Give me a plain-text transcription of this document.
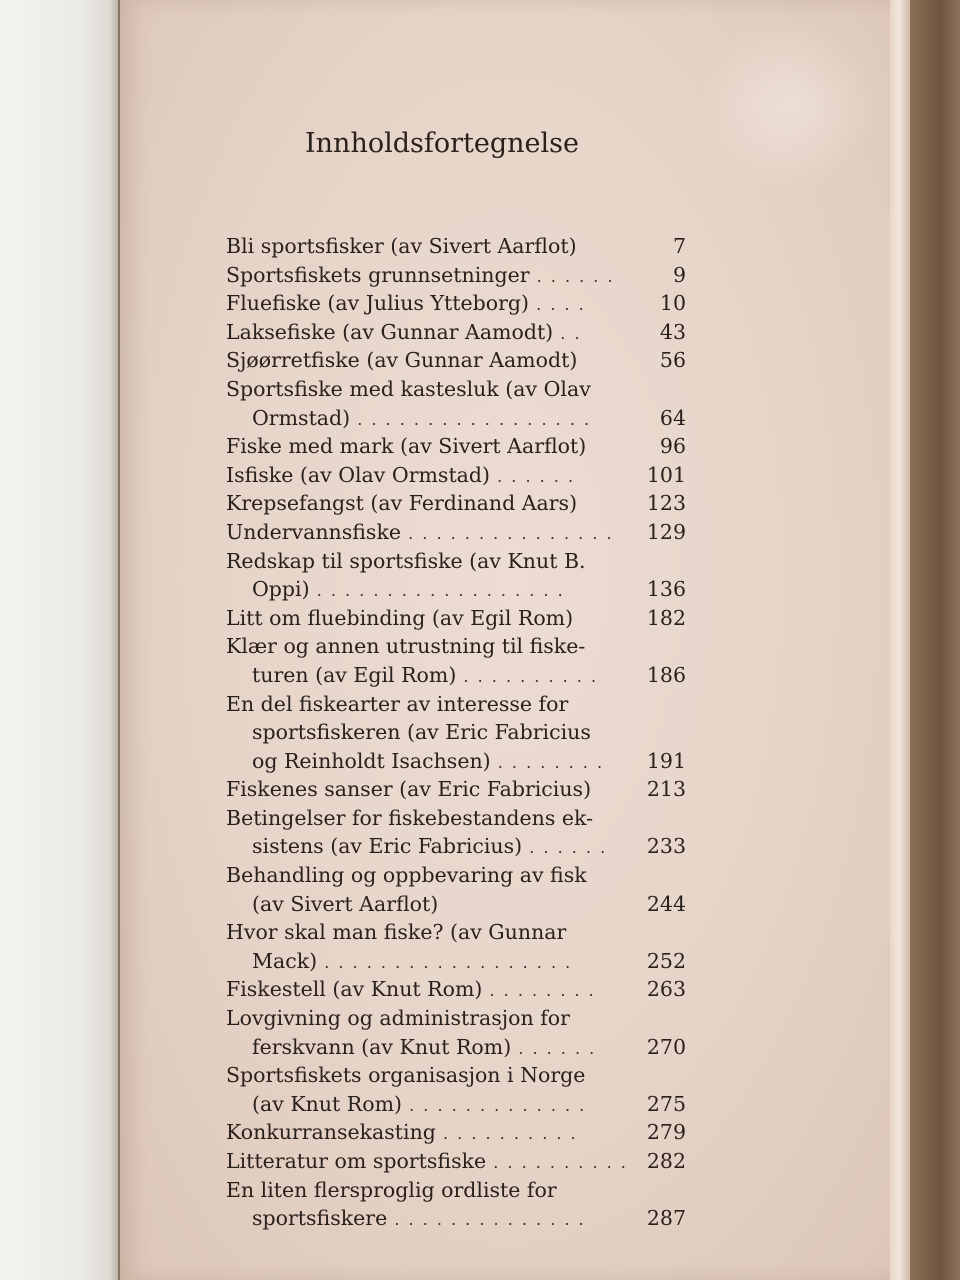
Innholdsfortegnelse
Bli sportsfisker (av Sivert Aarflot)	7
Sportsfiskets grunnsetninger . . . . . .	9
Fluefiske (av Julius Ytteborg) . . . .	10
Laksefiske (av Gunnar Aamodt) . .	43
Sjøørretfiske (av Gunnar Aamodt)	56
Sportsfiske med kastesluk (av Olav
Ormstad) . . . . . . . . . . . . . . . . .	64
Fiske med mark (av Sivert Aarflot)	96
Isfiske (av Olav Ormstad) . . . . . .	101
Krepsefangst (av Ferdinand Aars)	123
Undervannsfiske . . . . . . . . . . . . . . . 129
Redskap til sportsfiske (av Knut B.
Oppi) . . . . . . . . . . . . . . . . . .	136
Litt om fluebinding (av Egil Rom)	182
Klær og annen utrustning til fiske-
turen (av Egil Rom) . . . . . . . . . . 186
En del fiskearter av interesse for
sportsfiskeren (av Eric Fabricius
og Reinholdt Isachsen) . . . . . . . . 191
Fiskenes sanser (av Eric Fabricius)	213
Betingelser for fiskebestandens ek-
sistens (av Eric Fabricius) . . . . . . 233
Behandling og oppbevaring av fisk
(av Sivert Aarflot)	244
Hvor skal man fiske? (av Gunnar
Mack) . . . . . . . . . . . . . . . . . .	252
Fiskestell (av Knut Rom) . . . . . . . . 263
Lovgivning og administrasjon for
ferskvann (av Knut Rom) . . . . . . 270
Sportsfiskets organisasjon i Norge
(av Knut Rom) . . . . . . . . . . . . .	275
Konkurransekasting . . . . . . . . . .	279
Litteratur om sportsfiske . . . . . . . . . . 282
En liten flersproglig ordliste for
sportsfiskere . . . . . . . . . . . . . .	287
